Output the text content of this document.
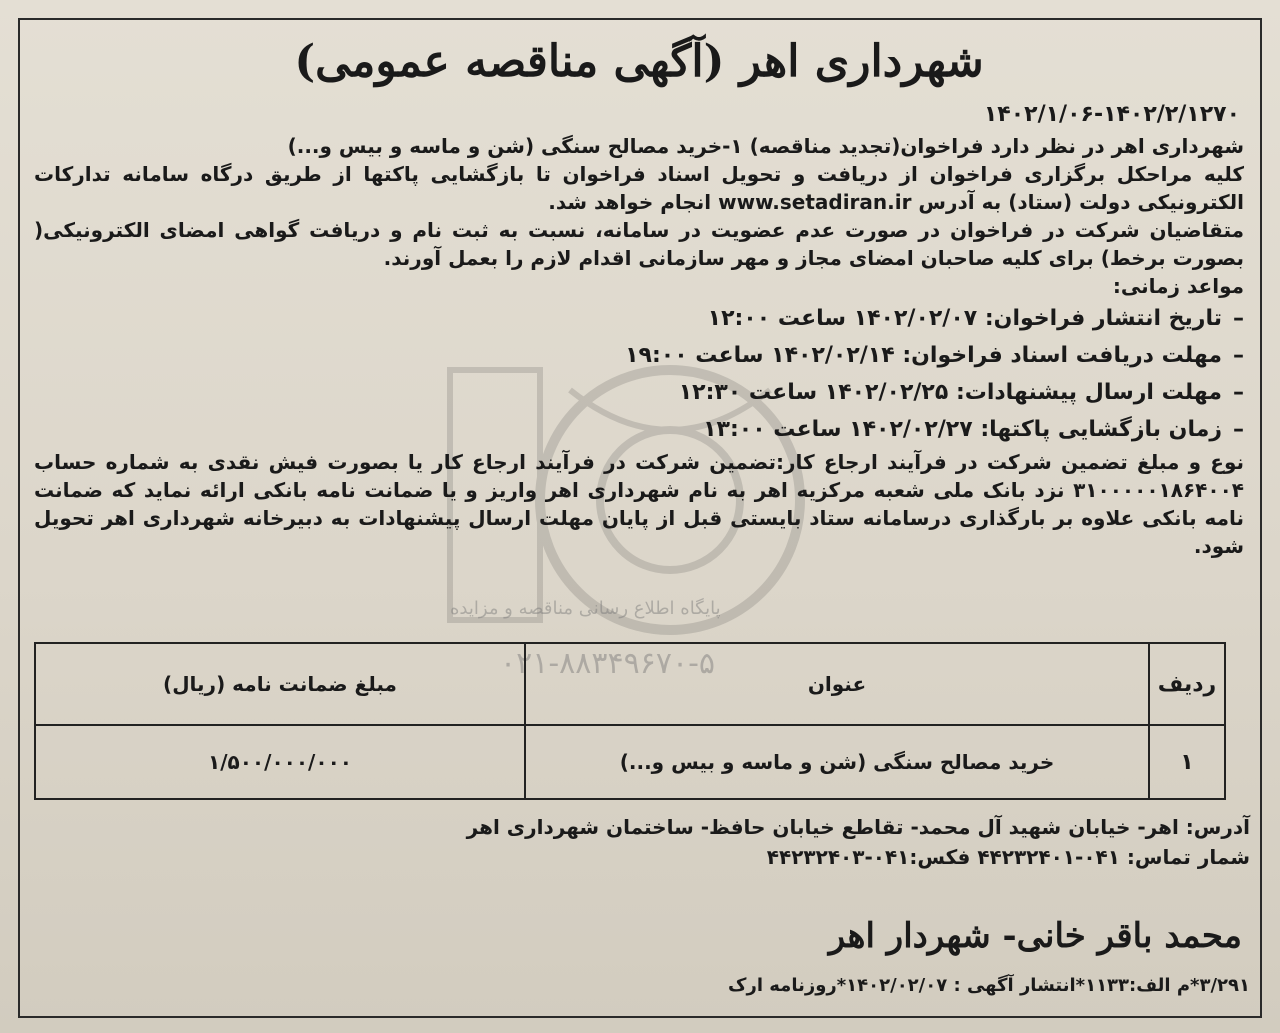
پایگاه اطلاع رسانی مناقصه و مزایده
۰۲۱-۸۸۳۴۹۶۷۰-۵
شهرداری اهر (آگهی مناقصه عمومی)
۱۴۰۲/۱/۰۶-۱۴۰۲/۲/۱۲۷۰
شهرداری اهر در نظر دارد فراخوان(تجدید مناقصه) ۱-خرید مصالح سنگی (شن و ماسه و بیس و...)

کلیه مراحکل برگزاری فراخوان از دریافت و تحویل اسناد فراخوان تا بازگشایی پاکتها از طریق درگاه سامانه تدارکات الکترونیکی دولت (ستاد) به آدرس www.setadiran.ir انجام خواهد شد.

متقاضیان شرکت در فراخوان در صورت عدم عضویت در سامانه، نسبت به ثبت نام و دریافت گواهی امضای الکترونیکی( بصورت برخط) برای کلیه صاحبان امضای مجاز و مهر سازمانی اقدام لازم را بعمل آورند.

مواعد زمانی:
–تاریخ انتشار فراخوان: ۱۴۰۲/۰۲/۰۷ ساعت ۱۲:۰۰
–مهلت دریافت اسناد فراخوان: ۱۴۰۲/۰۲/۱۴ ساعت ۱۹:۰۰
–مهلت ارسال پیشنهادات: ۱۴۰۲/۰۲/۲۵ ساعت ۱۲:۳۰
–زمان بازگشایی پاکتها: ۱۴۰۲/۰۲/۲۷ ساعت ۱۳:۰۰

نوع و مبلغ تضمین شرکت در فرآیند ارجاع کار:تضمین شرکت در فرآیند ارجاع کار یا بصورت فیش نقدی به شماره حساب ۳۱۰۰۰۰۰۱۸۶۴۰۰۴ نزد بانک ملی شعبه مرکزیه اهر به نام شهرداری اهر واریز و یا ضمانت نامه بانکی ارائه نماید که ضمانت نامه بانکی علاوه بر بارگذاری درسامانه ستاد بایستی قبل از پایان مهلت ارسال پیشنهادات به دبیرخانه شهرداری اهر تحویل شود.

ردیف	عنوان	مبلغ ضمانت نامه (ریال)
۱	خرید مصالح سنگی (شن و ماسه و بیس و...)	۱/۵۰۰/۰۰۰/۰۰۰
آدرس: اهر- خیابان شهید آل محمد- تقاطع خیابان حافظ- ساختمان شهرداری اهر
شمار تماس: ۰۴۱-۴۴۲۳۲۴۰۱ فکس:۰۴۱-۴۴۲۳۲۴۰۳
محمد باقر خانی- شهردار اهر
۳/۲۹۱*م الف:۱۱۳۳*انتشار آگهی : ۱۴۰۲/۰۲/۰۷*روزنامه ارک
